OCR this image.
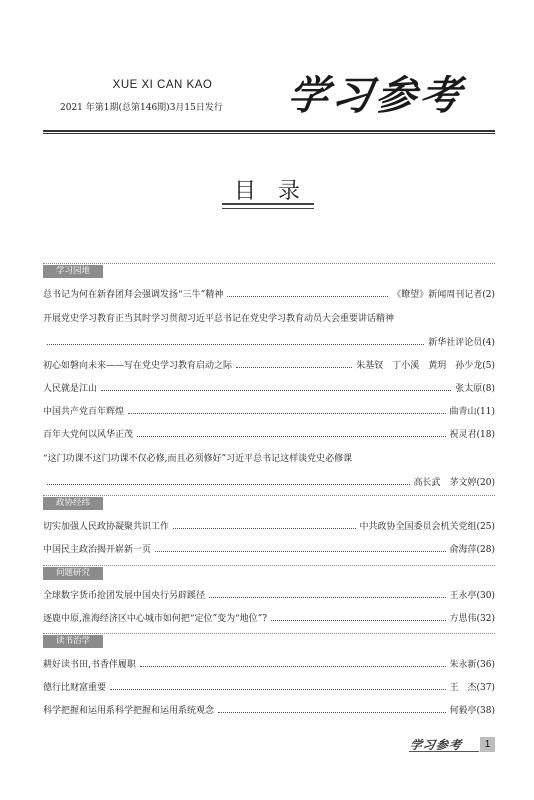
XUE XI CAN KAO
2021 年第1期(总第146期)3月15日发行	学习参考
目录
学习园地
总书记为何在新春团拜会强调发扬“三牛”精神	《瞭望》新闻周刊记者 (2)
开展党史学习教育正当其时学习贯彻习近平总书记在党史学习教育动员大会重要讲话精神
新华社评论员 (4)
初心如磐向未来——写在党史学习教育启动之际	朱基钗　丁小溪　黄玥　孙少龙 (5)
人民就是江山	张太原 (8)
中国共产党百年辉煌	曲青山 (11)
百年大党何以风华正茂	祝灵君 (18)
“这门功课不这门功课不仅必修,而且必须修好”习近平总书记这样谈党史必修课
高长武　茅文婷 (20)
政协经纬
切实加强人民政协凝聚共识工作	中共政协全国委员会机关党组 (25)
中国民主政治揭开崭新一页	俞海萍 (28)
问题研究
全球数字货币抢团发展中国央行另辟蹊径	王永亭 (30)
逐鹿中原,淮海经济区中心城市如何把“定位”变为“地位”?	方思伟 (32)
读书治学
耕好读书田,书香伴履职	朱永新 (36)
德行比财富重要	王　杰 (37)
科学把握和运用系科学把握和运用系统观念	何毅亭 (38)
学习参考	1
